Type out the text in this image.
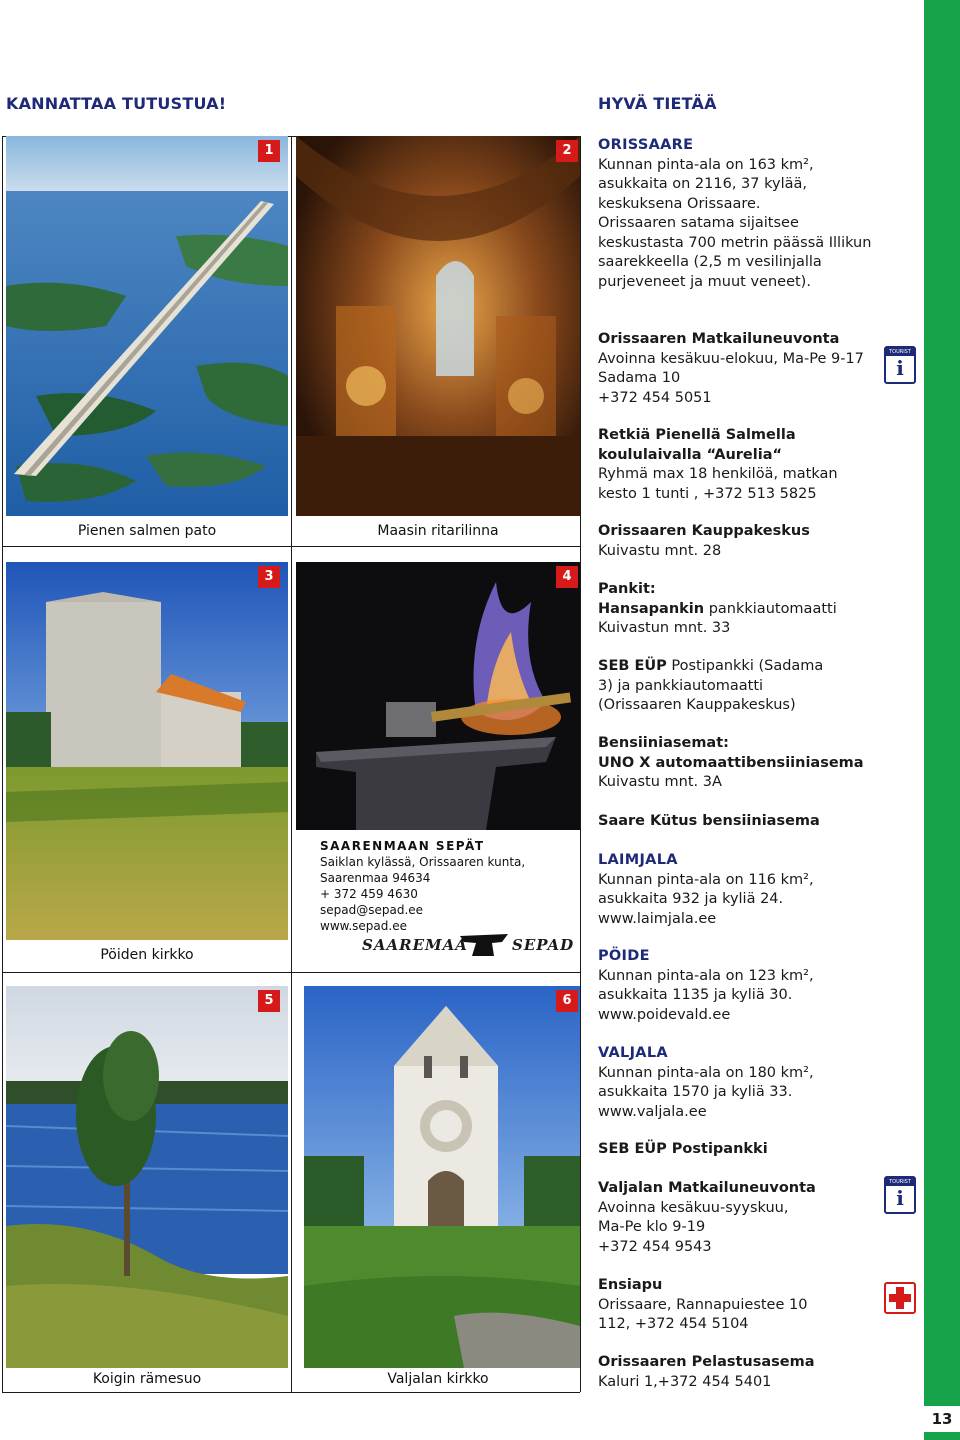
13
KANNATTAA TUTUSTUA!	HYVÄ TIETÄÄ
1
Pienen salmen pato
2
Maasin ritarilinna
3
Pöiden kirkko
4
SAARENMAAN SEPÄT
Saiklan kylässä, Orissaaren kunta,
Saarenmaa 94634
+ 372 459 4630
sepad@sepad.ee
www.sepad.ee
SAAREMAA	SEPAD
5
Koigin rämesuo
6
Valjalan kirkko
ORISSAARE
Kunnan pinta-ala on 163 km², asukkaita on 2116, 37 kylää, keskuksena Orissaare.
Orissaaren satama sijaitsee keskustasta 700 metrin päässä Illikun saarekkeella (2,5 m vesilinjalla purjeveneet ja muut veneet).
Orissaaren Matkailuneuvonta
Avoinna kesäkuu-elokuu, Ma-Pe 9-17
Sadama 10
+372 454 5051
TOURIST
i
Retkiä Pienellä Salmella koululaivalla “Aurelia“
Ryhmä max 18 henkilöä, matkan kesto 1 tunti , +372 513 5825
Orissaaren Kauppakeskus
Kuivastu mnt. 28
Pankit:
Hansapankin pankkiautomaatti
Kuivastun mnt. 33
SEB EÜP Postipankki (Sadama 3) ja pankkiautomaatti (Orissaaren Kauppakeskus)
Bensiiniasemat:
UNO X automaattibensiiniasema
Kuivastu mnt. 3A
Saare Kütus bensiiniasema
LAIMJALA
Kunnan pinta-ala on 116 km², asukkaita 932 ja kyliä 24.
www.laimjala.ee
PÖIDE
Kunnan pinta-ala on 123 km², asukkaita 1135 ja kyliä 30.
www.poidevald.ee
VALJALA
Kunnan pinta-ala on 180 km², asukkaita 1570 ja kyliä 33.
www.valjala.ee
SEB EÜP Postipankki
Valjalan Matkailuneuvonta
Avoinna kesäkuu-syyskuu,
Ma-Pe klo 9-19
+372 454 9543
TOURIST
i
Ensiapu
Orissaare, Rannapuiestee 10
112, +372 454 5104
Orissaaren Pelastusasema
Kaluri 1,+372 454 5401
